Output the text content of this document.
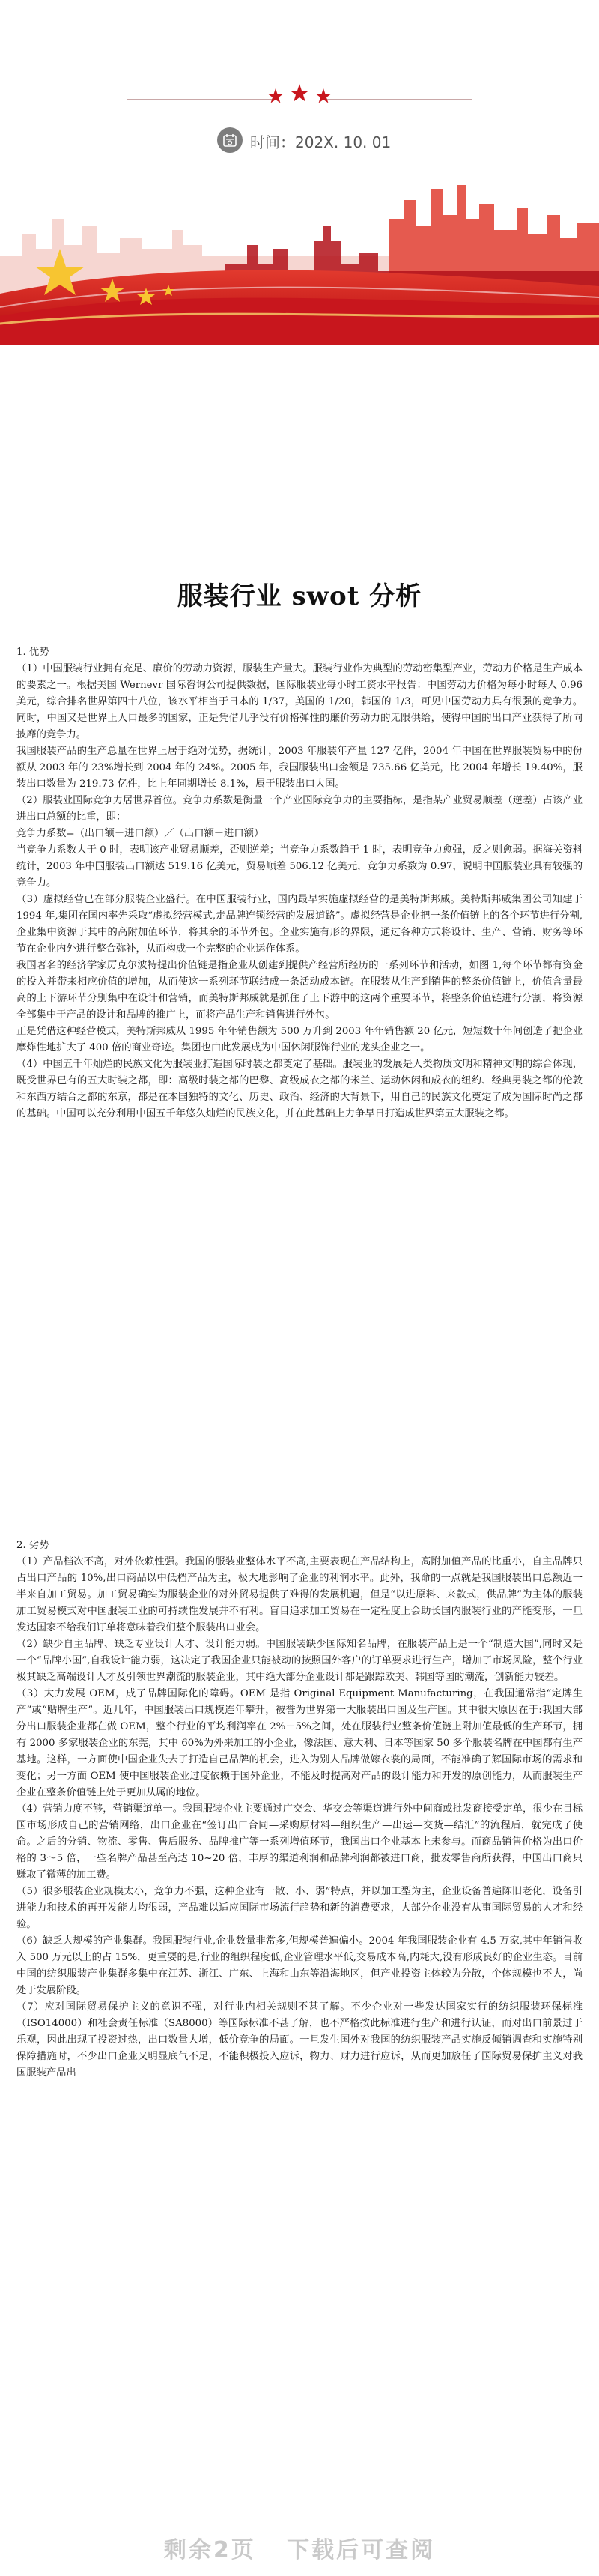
时间：202X. 10. 01
服装行业 swot 分析

1. 优势

（1）中国服装行业拥有充足、廉价的劳动力资源，服装生产量大。服装行业作为典型的劳动密集型产业，劳动力价格是生产成本的要素之一。根据美国 Wernevr 国际咨询公司提供数据，国际服装业每小时工资水平报告：中国劳动力价格为每小时每人 0.96 美元，综合排名世界第四十八位，该水平相当于日本的 1/37，美国的 1/20，韩国的 1/3，可见中国劳动力具有很强的竞争力。同时，中国又是世界上人口最多的国家，正是凭借几乎没有价格弹性的廉价劳动力的无限供给，使得中国的出口产业获得了所向披靡的竞争力。

我国服装产品的生产总量在世界上居于绝对优势，据统计，2003 年服装年产量 127 亿件，2004 年中国在世界服装贸易中的份额从 2003 年的 23%增长到 2004 年的 24%。2005 年，我国服装出口金额是 735.66 亿美元，比 2004 年增长 19.40%，服装出口数量为 219.73 亿件，比上年同期增长 8.1%，属于服装出口大国。

（2）服装业国际竞争力居世界首位。竞争力系数是衡量一个产业国际竞争力的主要指标，是指某产业贸易顺差（逆差）占该产业进出口总额的比重，即：

竞争力系数=（出口额－进口额）／（出口额＋进口额）

当竞争力系数大于 0 时，表明该产业贸易顺差，否则逆差；当竞争力系数趋于 1 时，表明竞争力愈强，反之则愈弱。据海关资料统计，2003 年中国服装出口额达 519.16 亿美元，贸易顺差 506.12 亿美元，竞争力系数为 0.97，说明中国服装业具有较强的竞争力。

（3）虚拟经营已在部分服装企业盛行。在中国服装行业，国内最早实施虚拟经营的是美特斯邦威。美特斯邦威集团公司知建于 1994 年,集团在国内率先采取“虚拟经营模式,走品牌连锁经营的发展道路”。虚拟经营是企业把一条价值链上的各个环节进行分割,企业集中资源于其中的高附加值环节，将其余的环节外包。企业实施有形的界限，通过各种方式将设计、生产、营销、财务等环节在企业内外进行整合弥补，从而构成一个完整的企业运作体系。

我国著名的经济学家厉克尔波特提出价值链是指企业从创建到提供产经营所经历的一系列环节和活动，如图 1,每个环节都有资金的投入并带来相应价值的增加，从而使这一系列环节联结成一条活动成本链。在服装从生产到销售的整条价值链上，价值含量最高的上下游环节分别集中在设计和营销，而美特斯邦威就是抓住了上下游中的这两个重要环节，将整条价值链进行分割，将资源全部集中于产品的设计和品牌的推广上，而将产品生产和销售进行外包。

正是凭借这种经营模式，美特斯邦威从 1995 年年销售额为 500 万升到 2003 年年销售额 20 亿元，短短数十年间创造了把企业摩炸性地扩大了 400 倍的商业奇迹。集团也由此发展成为中国休闲服饰行业的龙头企业之一。

（4）中国五千年灿烂的民族文化为服装业打造国际时装之都奠定了基础。服装业的发展是人类物质文明和精神文明的综合体现，既受世界已有的五大时装之都，即：高级时装之都的巴黎、高级成衣之都的米兰、运动休闲和成衣的纽约、经典男装之都的伦敦和东西方结合之都的东京，都是在本国独特的文化、历史、政治、经济的大背景下，用自己的民族文化奠定了成为国际时尚之都的基础。中国可以充分利用中国五千年悠久灿烂的民族文化，并在此基础上力争早日打造成世界第五大服装之都。

2. 劣势

（1）产品档次不高，对外依赖性强。我国的服装业整体水平不高,主要表现在产品结构上，高附加值产品的比重小，自主品牌只占出口产品的 10%,出口商品以中低档产品为主，极大地影响了企业的利润水平。此外，我命的一点就是我国服装出口总额近一半来自加工贸易。加工贸易确实为服装企业的对外贸易提供了难得的发展机遇，但是“以进原料、来款式，供品牌”为主体的服装加工贸易模式对中国服装工业的可持续性发展并不有利。盲目追求加工贸易在一定程度上会助长国内服装行业的产能变形，一旦发达国家不给我们订单将意味着我们整个服装出口业会。

（2）缺少自主品牌、缺乏专业设计人才、设计能力弱。中国服装缺少国际知名品牌，在服装产品上是一个“制造大国”,同时又是一个“品牌小国”,自我设计能力弱，这决定了我国企业只能被动的按照国外客户的订单要求进行生产，增加了市场风险，整个行业极其缺乏高端设计人才及引领世界潮流的服装企业，其中绝大部分企业设计都是跟踪欧美、韩国等国的潮流，创新能力较差。

（3）大力发展 OEM，成了品牌国际化的障碍。OEM 是指 Original Equipment Manufacturing，在我国通常指“定牌生产”或“贴牌生产”。近几年，中国服装出口规模连年攀升，被誉为世界第一大服装出口国及生产国。其中很大原因在于:我国大部分出口服装企业都在做 OEM，整个行业的平均利润率在 2%－5%之间，处在服装行业整条价值链上附加值最低的生产环节，拥有 2000 多家服装企业的东莞，其中 60%为外来加工的小企业，像法国、意大利、日本等国家 50 多个服装名牌在中国都有生产基地。这样，一方面使中国企业失去了打造自己品牌的机会，进入为别人品牌做嫁衣裳的局面，不能准确了解国际市场的需求和变化；另一方面 OEM 使中国服装企业过度依赖于国外企业，不能及时提高对产品的设计能力和开发的原创能力，从而服装生产企业在整条价值链上处于更加从属的地位。

（4）营销力度不够，营销渠道单一。我国服装企业主要通过广交会、华交会等渠道进行外中间商或批发商接受定单，很少在目标国市场形成自己的营销网络，出口企业在“签订出口合同—采购原材料—组织生产—出运—交货—结汇”的流程后，就完成了使命。之后的分销、物流、零售、售后服务、品牌推广等一系列增值环节，我国出口企业基本上未参与。而商品销售价格为出口价格的 3～5 倍，一些名牌产品甚至高达 10~20 倍，丰厚的渠道利润和品牌利润都被进口商，批发零售商所获得，中国出口商只赚取了微薄的加工费。

（5）很多服装企业规模太小，竞争力不强，这种企业有一散、小、弱”特点，并以加工型为主，企业设备普遍陈旧老化，设备引进能力和技术的再开发能力均很弱，产品难以适应国际市场流行趋势和新的消费要求，大部分企业没有从事国际贸易的人才和经验。

（6）缺乏大规模的产业集群。我国服装行业,企业数量非常多,但规模普遍偏小。2004 年我国服装企业有 4.5 万家,其中年销售收入 500 万元以上的占 15%，更重要的是,行业的组织程度低,企业管理水平低,交易成本高,内耗大,没有形成良好的企业生态。目前中国的纺织服装产业集群多集中在江苏、浙江、广东、上海和山东等沿海地区，但产业投资主体较为分散，个体规模也不大，尚处于发展阶段。

（7）应对国际贸易保护主义的意识不强，对行业内相关规则不甚了解。不少企业对一些发达国家实行的纺织服装环保标准（ISO14000）和社会责任标准（SA8000）等国际标准不甚了解，也不严格按此标准进行生产和进行认证，而对出口前景过于乐观，因此出现了投资过热，出口数量大增，低价竞争的局面。一旦发生国外对我国的纺织服装产品实施反倾销调查和实施特别保障措施时，不少出口企业又明显底气不足，不能积极投入应诉，物力、财力进行应诉，从而更加放任了国际贸易保护主义对我国服装产品出

剩余2页 下载后可查阅
